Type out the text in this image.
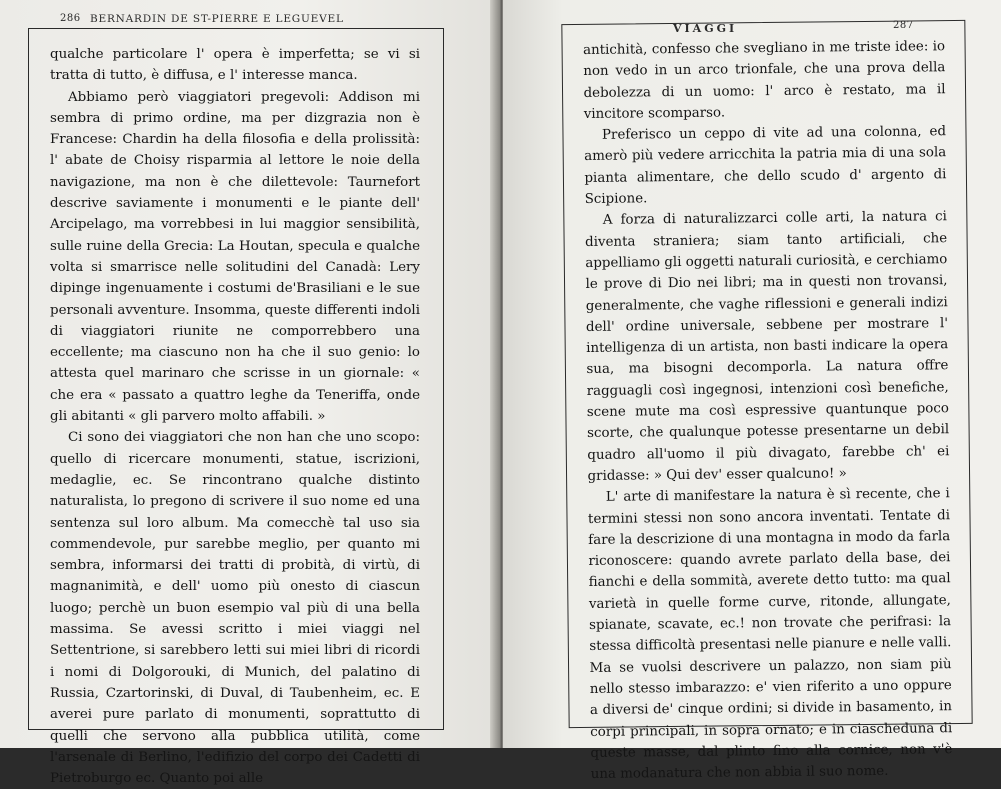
286 BERNARDIN DE ST-PIERRE E LEGUEVEL

qualche particolare l' opera è imperfetta; se vi si tratta di tutto, è diffusa, e l' interesse manca.

Abbiamo però viaggiatori pregevoli: Addison mi sembra di primo ordine, ma per dizgrazia non è Francese: Chardin ha della filosofia e della prolissità: l' abate de Choisy risparmia al lettore le noie della navigazione, ma non è che dilettevole: Taurnefort descrive saviamente i monumenti e le piante dell' Arcipelago, ma vorrebbesi in lui maggior sensibilità, sulle ruine della Grecia: La Houtan, specula e qualche volta si smarrisce nelle solitudini del Canadà: Lery dipinge ingenuamente i costumi de'Brasiliani e le sue personali avventure. Insomma, queste differenti indoli di viaggiatori riunite ne comporrebbero una eccellente; ma ciascuno non ha che il suo genio: lo attesta quel marinaro che scrisse in un giornale: « che era « passato a quattro leghe da Teneriffa, onde gli abitanti « gli parvero molto affabili. »

Ci sono dei viaggiatori che non han che uno scopo: quello di ricercare monumenti, statue, iscrizioni, medaglie, ec. Se rincontrano qualche distinto naturalista, lo pregono di scrivere il suo nome ed una sentenza sul loro album. Ma comecchè tal uso sia commendevole, pur sarebbe meglio, per quanto mi sembra, informarsi dei tratti di probità, di virtù, di magnanimità, e dell' uomo più onesto di ciascun luogo; perchè un buon esempio val più di una bella massima. Se avessi scritto i miei viaggi nel Settentrione, si sarebbero letti sui miei libri di ricordi i nomi di Dolgorouki, di Munich, del palatino di Russia, Czartorinski, di Duval, di Taubenheim, ec. E averei pure parlato di monumenti, soprattutto di quelli che servono alla pubblica utilità, come l'arsenale di Berlino, l'edifizio del corpo dei Cadetti di Pietroburgo ec. Quanto poi alle

VIAGGI	287

antichità, confesso che svegliano in me triste idee: io non vedo in un arco trionfale, che una prova della debolezza di un uomo: l' arco è restato, ma il vincitore scomparso.

Preferisco un ceppo di vite ad una colonna, ed amerò più vedere arricchita la patria mia di una sola pianta alimentare, che dello scudo d' argento di Scipione.

A forza di naturalizzarci colle arti, la natura ci diventa straniera; siam tanto artificiali, che appelliamo gli oggetti naturali curiosità, e cerchiamo le prove di Dio nei libri; ma in questi non trovansi, generalmente, che vaghe riflessioni e generali indizi dell' ordine universale, sebbene per mostrare l' intelligenza di un artista, non basti indicare la opera sua, ma bisogni decomporla. La natura offre ragguagli così ingegnosi, intenzioni così benefiche, scene mute ma così espressive quantunque poco scorte, che qualunque potesse presentarne un debil quadro all'uomo il più divagato, farebbe ch' ei gridasse: » Qui dev' esser qualcuno! »

L' arte di manifestare la natura è sì recente, che i termini stessi non sono ancora inventati. Tentate di fare la descrizione di una montagna in modo da farla riconoscere: quando avrete parlato della base, dei fianchi e della sommità, averete detto tutto: ma qual varietà in quelle forme curve, ritonde, allungate, spianate, scavate, ec.! non trovate che perifrasi: la stessa difficoltà presentasi nelle pianure e nelle valli. Ma se vuolsi descrivere un palazzo, non siam più nello stesso imbarazzo: e' vien riferito a uno oppure a diversi de' cinque ordini; si divide in basamento, in corpi principali, in sopra ornato; e in ciascheduna di queste masse, dal plinto fino alla cornice, non v'è una modanatura che non abbia il suo nome.
